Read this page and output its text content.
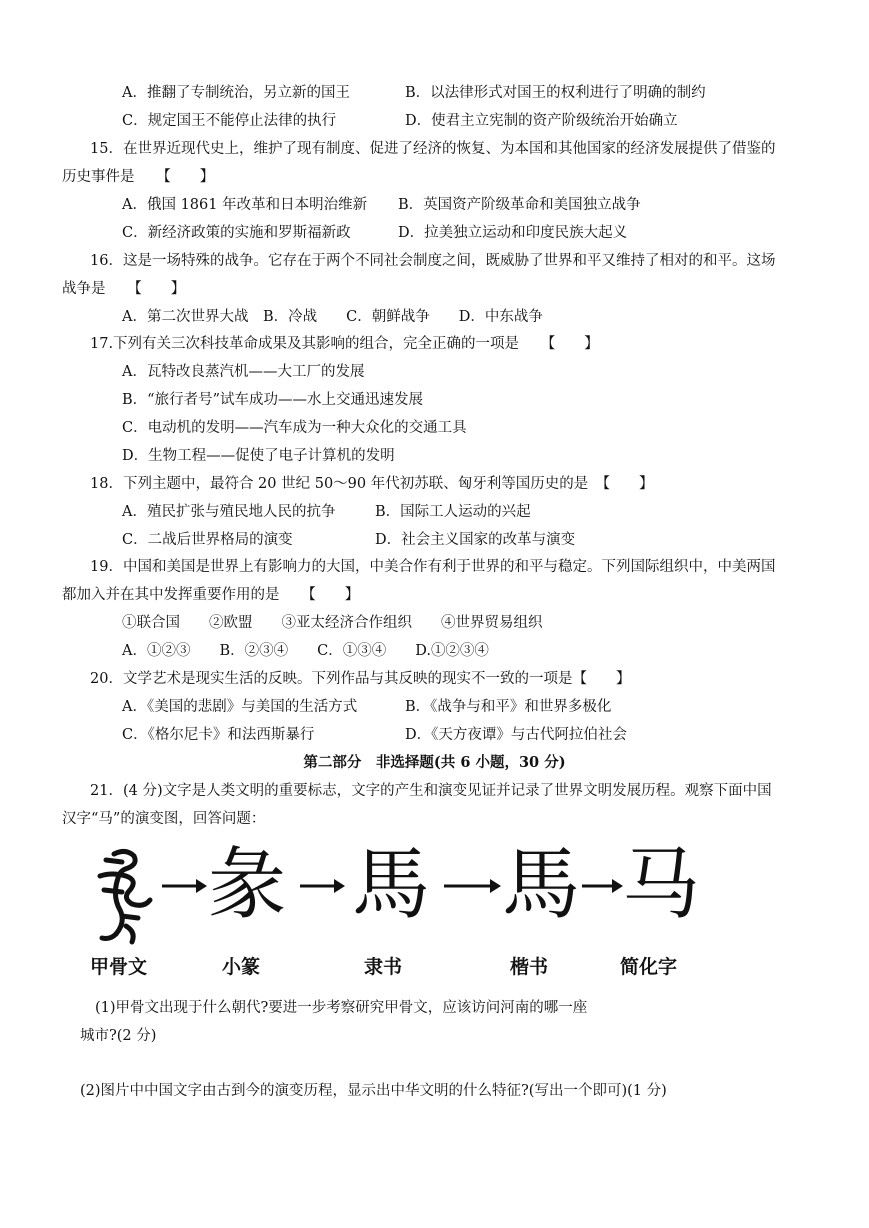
A．推翻了专制统治，另立新的国王	B．以法律形式对国王的权利进行了明确的制约
C．规定国王不能停止法律的执行	D．使君主立宪制的资产阶级统治开始确立
15．在世界近现代史上，维护了现有制度、促进了经济的恢复、为本国和其他国家的经济发展提供了借鉴的
历史事件是　　【　　】
A．俄国 1861 年改革和日本明治维新 B．英国资产阶级革命和美国独立战争
C．新经济政策的实施和罗斯福新政	D．拉美独立运动和印度民族大起义
16．这是一场特殊的战争。它存在于两个不同社会制度之间，既威胁了世界和平又维持了相对的和平。这场
战争是　　【　　】
A．第二次世界大战　B．冷战　　C．朝鲜战争　　D．中东战争
17.下列有关三次科技革命成果及其影响的组合，完全正确的一项是　　【　　】
A．瓦特改良蒸汽机——大工厂的发展
B．“旅行者号”试车成功——水上交通迅速发展
C．电动机的发明——汽车成为一种大众化的交通工具
D．生物工程——促使了电子计算机的发明
18．下列主题中，最符合 20 世纪 50～90 年代初苏联、匈牙利等国历史的是　【　　】
A．殖民扩张与殖民地人民的抗争	B．国际工人运动的兴起
C．二战后世界格局的演变	D．社会主义国家的改革与演变
19．中国和美国是世界上有影响力的大国，中美合作有利于世界的和平与稳定。下列国际组织中，中美两国
都加入并在其中发挥重要作用的是　　【　　】
①联合国　　②欧盟　　③亚太经济合作组织　　④世界贸易组织
A．①②③　　B．②③④　　C．①③④　　D.①②③④
20．文学艺术是现实生活的反映。下列作品与其反映的现实不一致的一项是【　　】
A．《美国的悲剧》与美国的生活方式	B．《战争与和平》和世界多极化
C．《格尔尼卡》和法西斯暴行	D．《天方夜谭》与古代阿拉伯社会
第二部分　非选择题(共 6 小题，30 分)
21．(4 分)文字是人类文明的重要标志，文字的产生和演变见证并记录了世界文明发展历程。观察下面中国
汉字“马”的演变图，回答问题：
彖 馬 馬 马
甲骨文	小篆	隶书	楷书	简化字
(1)甲骨文出现于什么朝代?要进一步考察研究甲骨文，应该访问河南的哪一座
城市?(2 分)
(2)图片中中国文字由古到今的演变历程，显示出中华文明的什么特征?(写出一个即可)(1 分)
